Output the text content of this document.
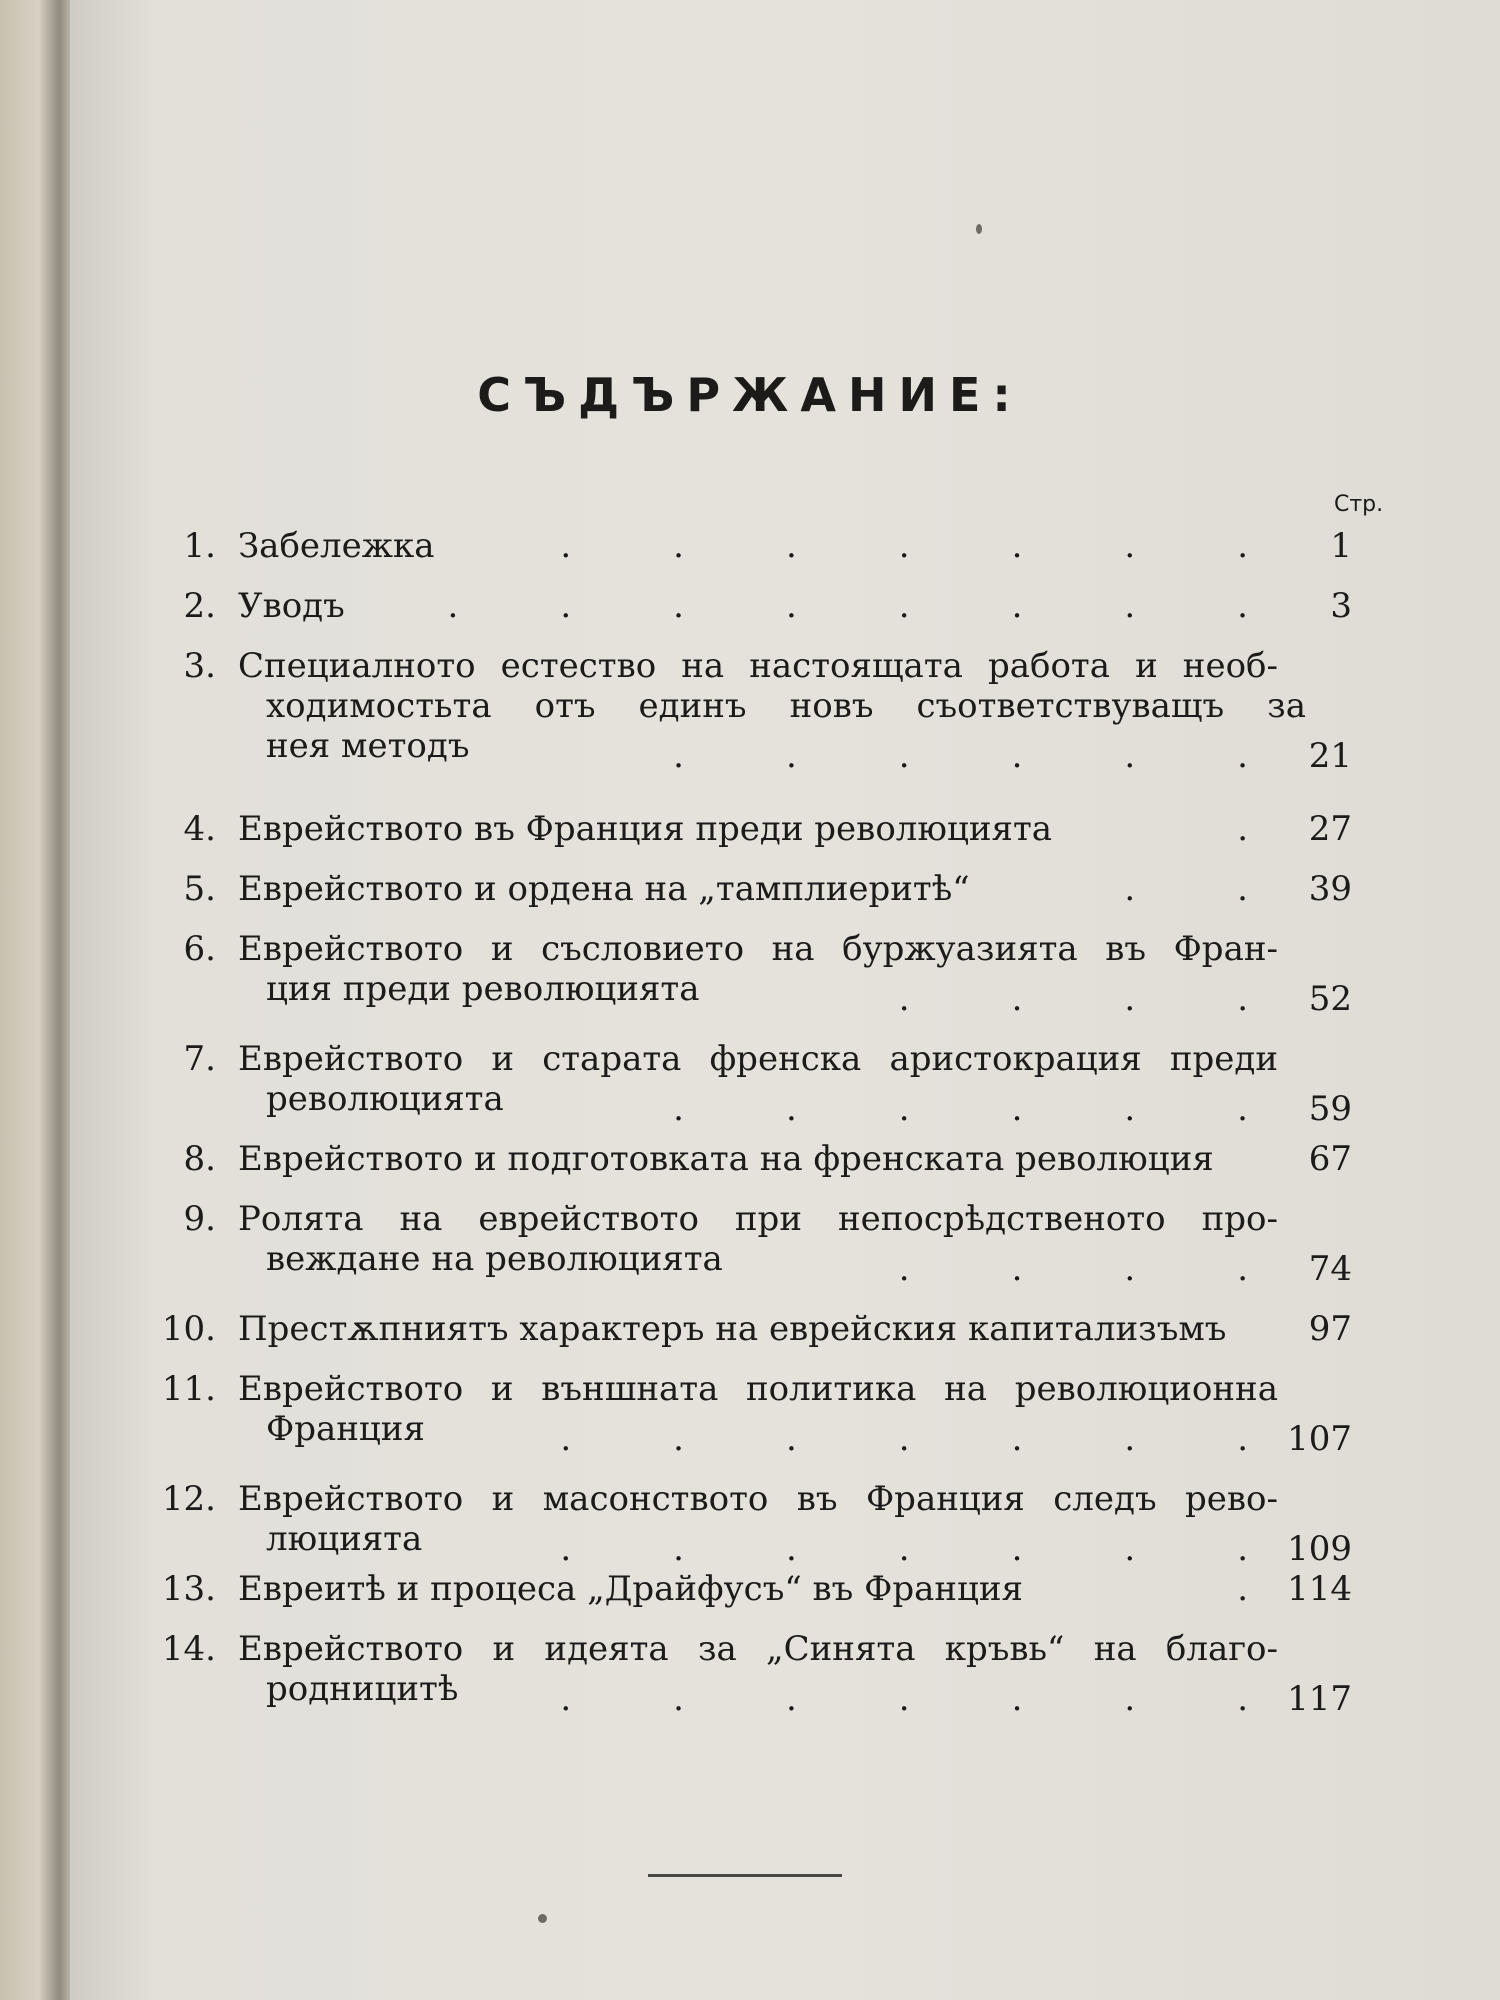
СЪДЪРЖАНИЕ:
Стр.
1. Забележка	1
.   .   .   .   .   .   .
2. Уводъ	3
.   .   .   .   .   .   .   .
3. Специалното естество на настоящата работа и необ-
ходимостьта отъ единъ новъ съответствуващъ за
нея методъ	21
.   .   .   .   .   .
4. Еврейството въ Франция преди революцията	27
.
5. Еврейството и ордена на „тамплиеритѣ“	39
.   .
6. Еврейството и съсловието на буржуазията въ Фран-
ция преди революцията	52
.   .   .   .
7. Еврейството и старата френска аристокрация преди
революцията	59
.   .   .   .   .   .
8. Еврейството и подготовката на френската революция	67
9. Ролята на еврейството при непосрѣдственото про-
веждане на революцията	74
.   .   .   .
10. Престѫпниятъ характеръ на еврейския капитализъмъ	97
11. Еврейството и външната политика на революционна
Франция	107
.   .   .   .   .   .   .
12. Еврейството и масонството въ Франция следъ рево-
люцията	109
.   .   .   .   .   .   .
13. Евреитѣ и процеса „Драйфусъ“ въ Франция	114
.
14. Еврейството и идеята за „Синята кръвь“ на благо-
родницитѣ	117
.   .   .   .   .   .   .
